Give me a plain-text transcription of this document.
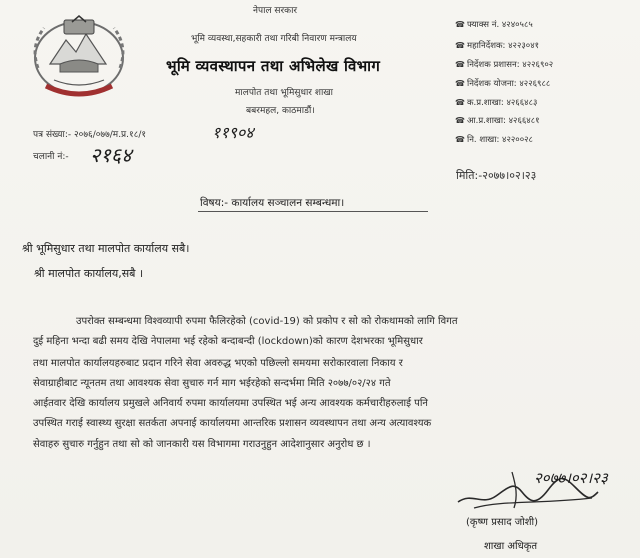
नेपाल सरकार
भूमि व्यवस्था,सहकारी तथा गरिबी निवारण मन्त्रालय
भूमि व्यवस्थापन तथा अभिलेख विभाग
मालपोत तथा भूमिसुधार शाखा
बबरमहल, काठमाडौं।
☎ फ्याक्स नं. ४२४०५८५
☎ महानिर्देशक: ४२२३०४१
☎ निर्देशक प्रशासन: ४२२६९०२
☎ निर्देशक योजना: ४२२६९८८
☎ क.प्र.शाखा: ४२६६४८३
☎ आ.प्र.शाखा: ४२६६४८१
☎ नि. शाखा: ४२२००२८
पत्र संख्या:- २०७६/०७७/म.प्र.१८/१	११९०४
चलानी नं:- २१६४
मिति:-२०७७।०२।२३
विषय:- कार्यालय सञ्चालन सम्बन्धमा।
श्री भूमिसुधार तथा मालपोत कार्यालय सबै।
श्री मालपोत कार्यालय,सबै ।
उपरोक्त सम्बन्धमा विश्वव्यापी रुपमा फैलिरहेको (covid-19) को प्रकोप र सो को रोकथामको लागि विगत
दुई महिना भन्दा बढी समय देखि नेपालमा भई रहेको बन्दाबन्दी (lockdown)को कारण देशभरका भूमिसुधार
तथा मालपोत कार्यालयहरुबाट प्रदान गरिने सेवा अवरुद्ध भएको पछिल्लो समयमा सरोकारवाला निकाय र
सेवाग्राहीबाट न्यूनतम तथा आवश्यक सेवा सुचारु गर्न माग भईरहेको सन्दर्भमा मिति २०७७/०२/२४ गते
आईतवार देखि कार्यालय प्रमुखले अनिवार्य रुपमा कार्यालयमा उपस्थित भई अन्य आवश्यक कर्मचारीहरुलाई पनि
उपस्थित गराई स्वास्थ्य सुरक्षा सतर्कता अपनाई कार्यालयमा आन्तरिक प्रशासन व्यवस्थापन तथा अन्य अत्यावश्यक
सेवाहरु सुचारु गर्नुहुन तथा सो को जानकारी यस विभागमा गराउनुहुन आदेशानुसार अनुरोध छ ।
२०७७।०२।२३
(कृष्ण प्रसाद जोशी)
शाखा अधिकृत
